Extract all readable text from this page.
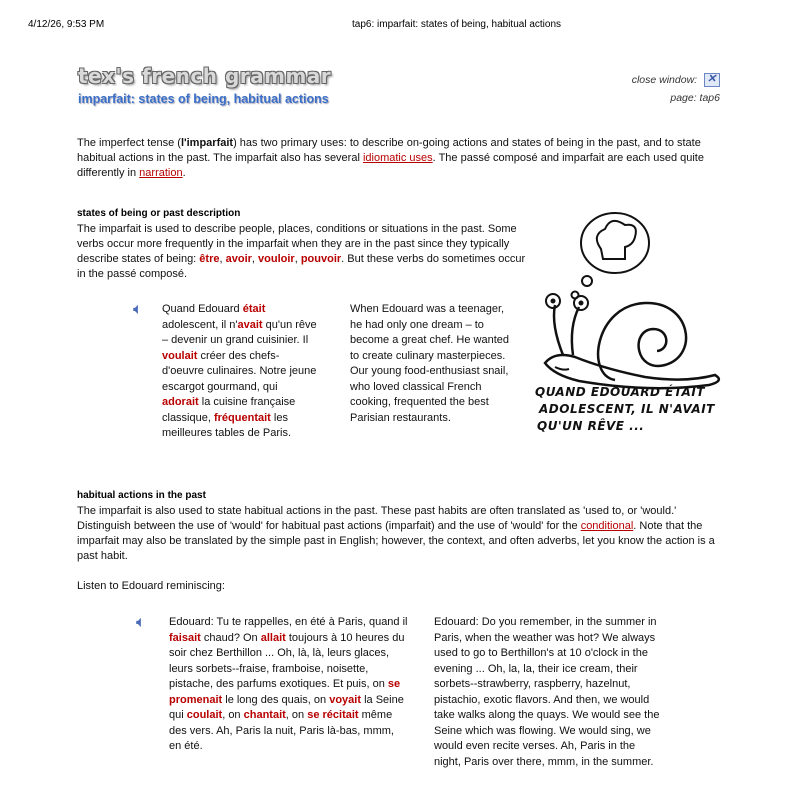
4/12/26, 9:53 PM	tap6: imparfait: states of being, habitual actions
tex's french grammar
imparfait: states of being, habitual actions
close window: ✕
page: tap6

The imperfect tense (l'imparfait) has two primary uses: to describe on-going actions and states of being in the past, and to state habitual actions in the past. The imparfait also has several idiomatic uses. The passé composé and imparfait are each used quite differently in narration.

states of being or past description

The imparfait is used to describe people, places, conditions or situations in the past. Some verbs occur more frequently in the imparfait when they are in the past since they typically describe states of being: être, avoir, vouloir, pouvoir. But these verbs do sometimes occur in the passé composé.

🔈︎ Quand Edouard était adolescent, il n'avait qu'un rêve – devenir un grand cuisinier. Il voulait créer des chefs-d'oeuvre culinaires. Notre jeune escargot gourmand, qui adorait la cuisine française classique, fréquentait les meilleures tables de Paris.

When Edouard was a teenager, he had only one dream – to become a great chef. He wanted to create culinary masterpieces. Our young food-enthusiast snail, who loved classical French cooking, frequented the best Parisian restaurants.

QUAND EDOUARD ÉTAIT
ADOLESCENT, IL N'AVAIT
QU'UN RÊVE ...
habitual actions in the past

The imparfait is also used to state habitual actions in the past. These past habits are often translated as 'used to, or 'would.' Distinguish between the use of 'would' for habitual past actions (imparfait) and the use of 'would' for the conditional. Note that the imparfait may also be translated by the simple past in English; however, the context, and often adverbs, let you know the action is a past habit.

Listen to Edouard reminiscing:

🔈︎ Edouard: Tu te rappelles, en été à Paris, quand il faisait chaud? On allait toujours à 10 heures du soir chez Berthillon ... Oh, là, là, leurs glaces, leurs sorbets--fraise, framboise, noisette, pistache, des parfums exotiques. Et puis, on se promenait le long des quais, on voyait la Seine qui coulait, on chantait, on se récitait même des vers. Ah, Paris la nuit, Paris là-bas, mmm, en été.

Edouard: Do you remember, in the summer in Paris, when the weather was hot? We always used to go to Berthillon's at 10 o'clock in the evening ... Oh, la, la, their ice cream, their sorbets--strawberry, raspberry, hazelnut, pistachio, exotic flavors. And then, we would take walks along the quays. We would see the Seine which was flowing. We would sing, we would even recite verses. Ah, Paris in the night, Paris over there, mmm, in the summer.
